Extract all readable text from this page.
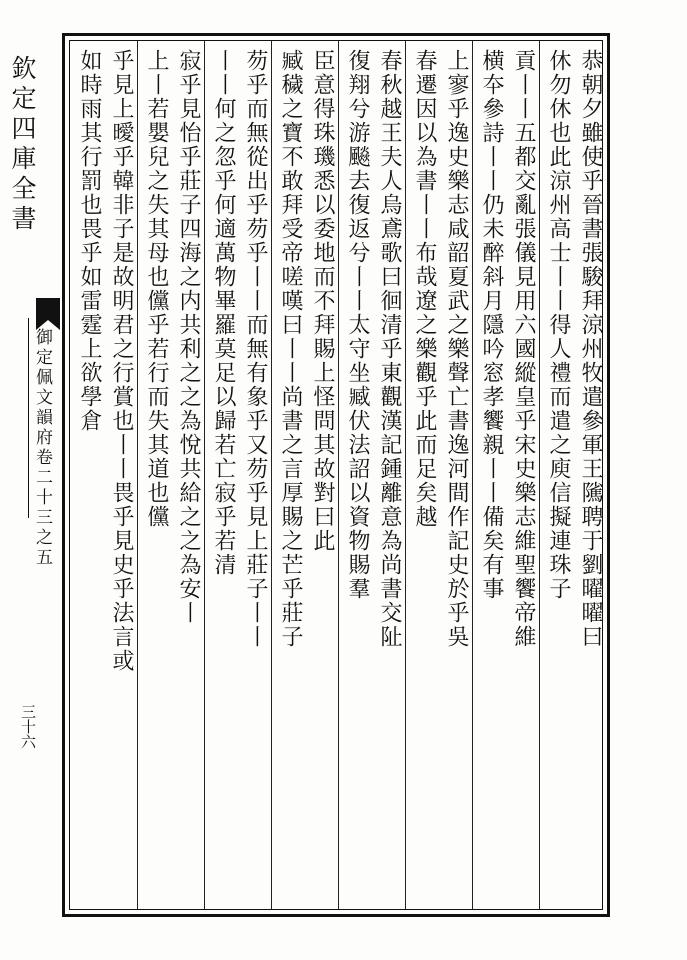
欽定四庫全書
御定佩文韻府卷二十三之五
三十六
恭朝夕雖使乎晉書張駿拜涼州牧遣參軍王隲聘于劉曜曜曰
休勿休也此涼州高士丨丨得人禮而遣之庾信擬連珠子
貢丨丨五都交亂張儀見用六國縱皇乎宋史樂志維聖饗帝維
横夲參詩丨丨仍未醉斜月隱吟窓孝饗親丨丨備矣有事
上寥乎逸史樂志咸韶夏武之樂聲亡書逸河間作記史於乎吳
春遷因以為書丨丨布哉遼之樂觀乎此而足矣越
春秋越王夫人烏鳶歌曰徊清乎東觀漢記鍾離意為尚書交阯
復翔兮游飈去復返兮丨丨太守坐臧伏法詔以資物賜羣
臣意得珠璣悉以委地而不拜賜上怪問其故對曰此
臧穢之寶不敢拜受帝嗟嘆曰丨丨尚書之言厚賜之芒乎莊子
芴乎而無從出乎芴乎丨丨而無有象乎又芴乎見上莊子丨丨
丨丨何之忽乎何適萬物畢羅莫足以歸若亡寂乎若清
寂乎見怡乎莊子四海之内共利之之為悅共給之之為安丨
上丨若嬰兒之失其母也儻乎若行而失其道也儻
乎見上曖乎韓非子是故明君之行賞也丨丨畏乎見史乎法言或
如時雨其行罰也畏乎如雷霆上欲學倉
